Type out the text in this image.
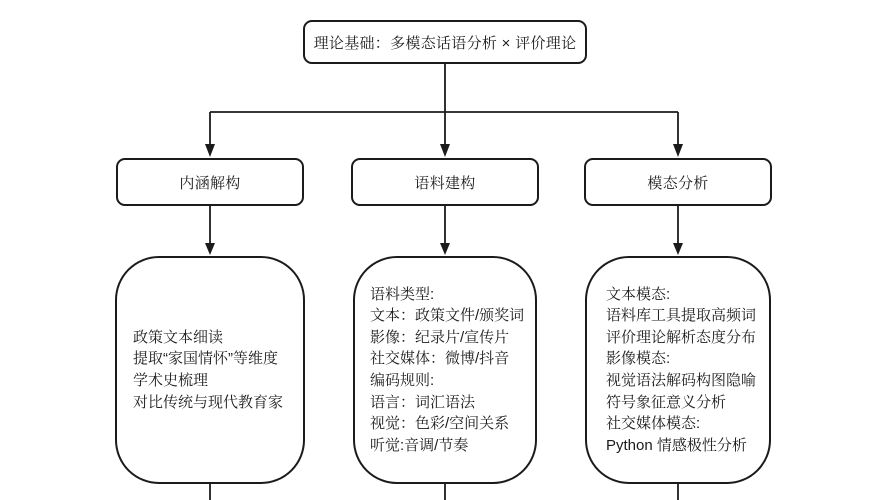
理论基础：多模态话语分析 × 评价理论
内涵解构	语料建构	模态分析
政策文本细读
提取“家国情怀”等维度
学术史梳理
对比传统与现代教育家
语料类型:
文本：政策文件/颁奖词
影像：纪录片/宣传片
社交媒体：微博/抖音
编码规则:
语言：词汇语法
视觉：色彩/空间关系
听觉:音调/节奏
文本模态:
语料库工具提取高频词
评价理论解析态度分布
影像模态:
视觉语法解码构图隐喻
符号象征意义分析
社交媒体模态:
Python 情感极性分析
